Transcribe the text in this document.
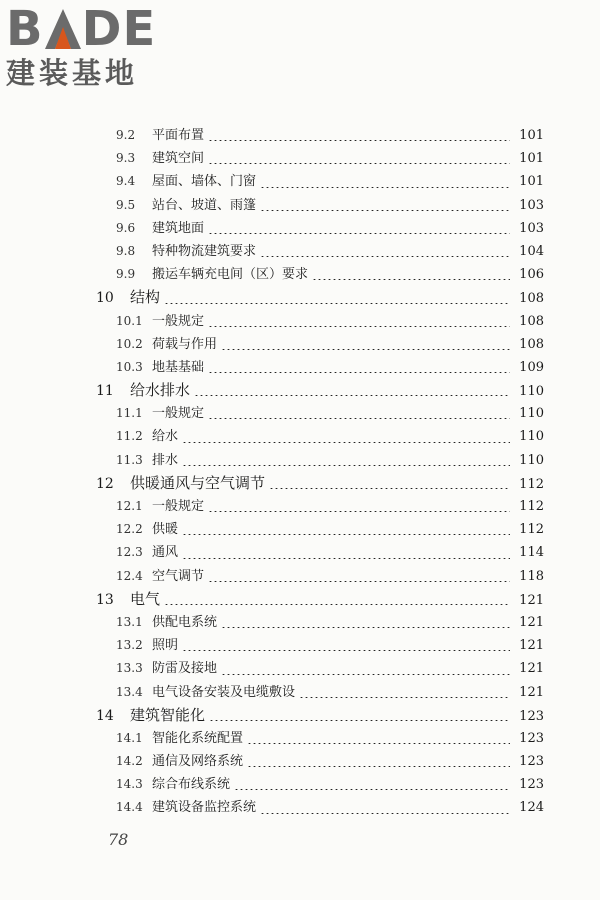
B DE
建装基地
9.2	平面布置	101
9.3	建筑空间	101
9.4	屋面、墙体、门窗	101
9.5	站台、坡道、雨篷	103
9.6	建筑地面	103
9.8	特种物流建筑要求	104
9.9	搬运车辆充电间（区）要求	106
10	结构	108
10.1 一般规定	108
10.2 荷载与作用	108
10.3 地基基础	109
11	给水排水	110
11.1 一般规定	110
11.2 给水	110
11.3 排水	110
12	供暖通风与空气调节	112
12.1 一般规定	112
12.2 供暖	112
12.3 通风	114
12.4 空气调节	118
13	电气	121
13.1 供配电系统	121
13.2 照明	121
13.3 防雷及接地	121
13.4 电气设备安装及电缆敷设	121
14	建筑智能化	123
14.1 智能化系统配置	123
14.2 通信及网络系统	123
14.3 综合布线系统	123
14.4 建筑设备监控系统	124
78
